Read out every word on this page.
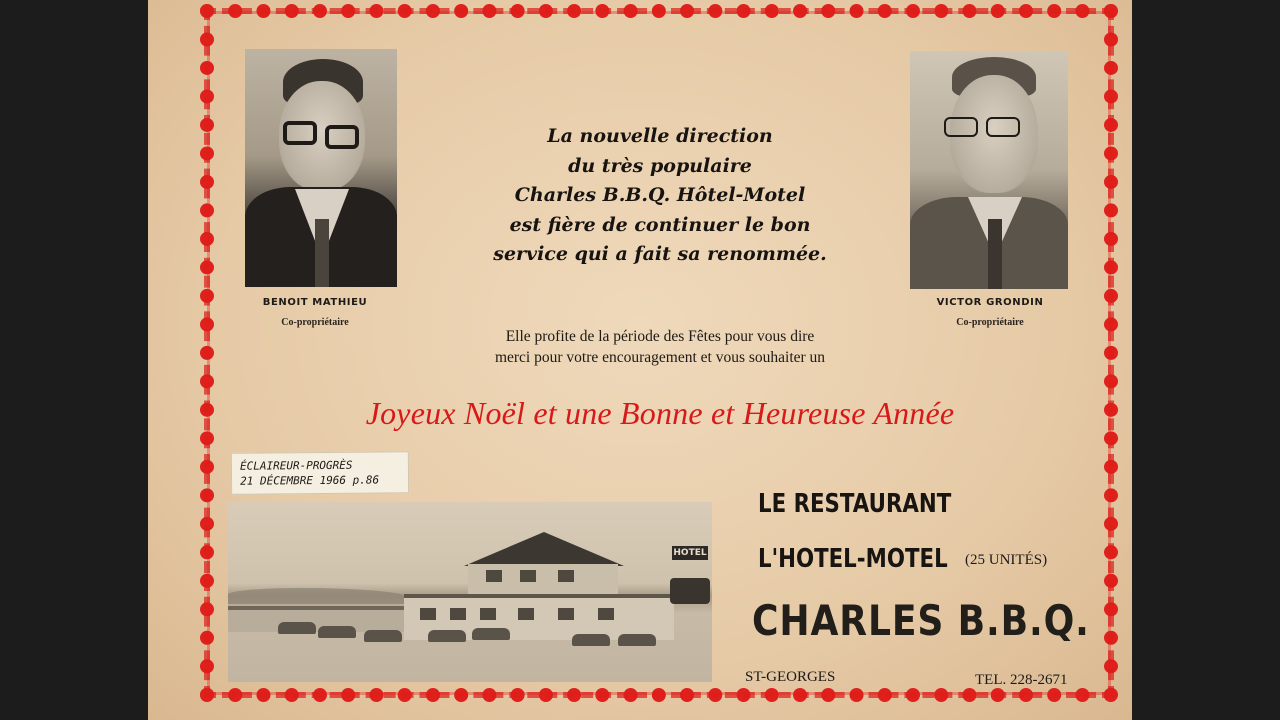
BENOIT MATHIEU
Co-propriétaire
VICTOR GRONDIN
Co-propriétaire
La nouvelle direction
du très populaire
Charles B.B.Q. Hôtel-Motel
est fière de continuer le bon
service qui a fait sa renommée.
Elle profite de la période des Fêtes pour vous dire
merci pour votre encouragement et vous souhaiter un
Joyeux Noël et une Bonne et Heureuse Année
ÉCLAIREUR-PROGRÈS
21 DÉCEMBRE 1966 p.86
HOTEL
LE RESTAURANT
L'HOTEL-MOTEL (25 UNITÉS)
CHARLES B.B.Q.
ST-GEORGES	TEL. 228-2671
